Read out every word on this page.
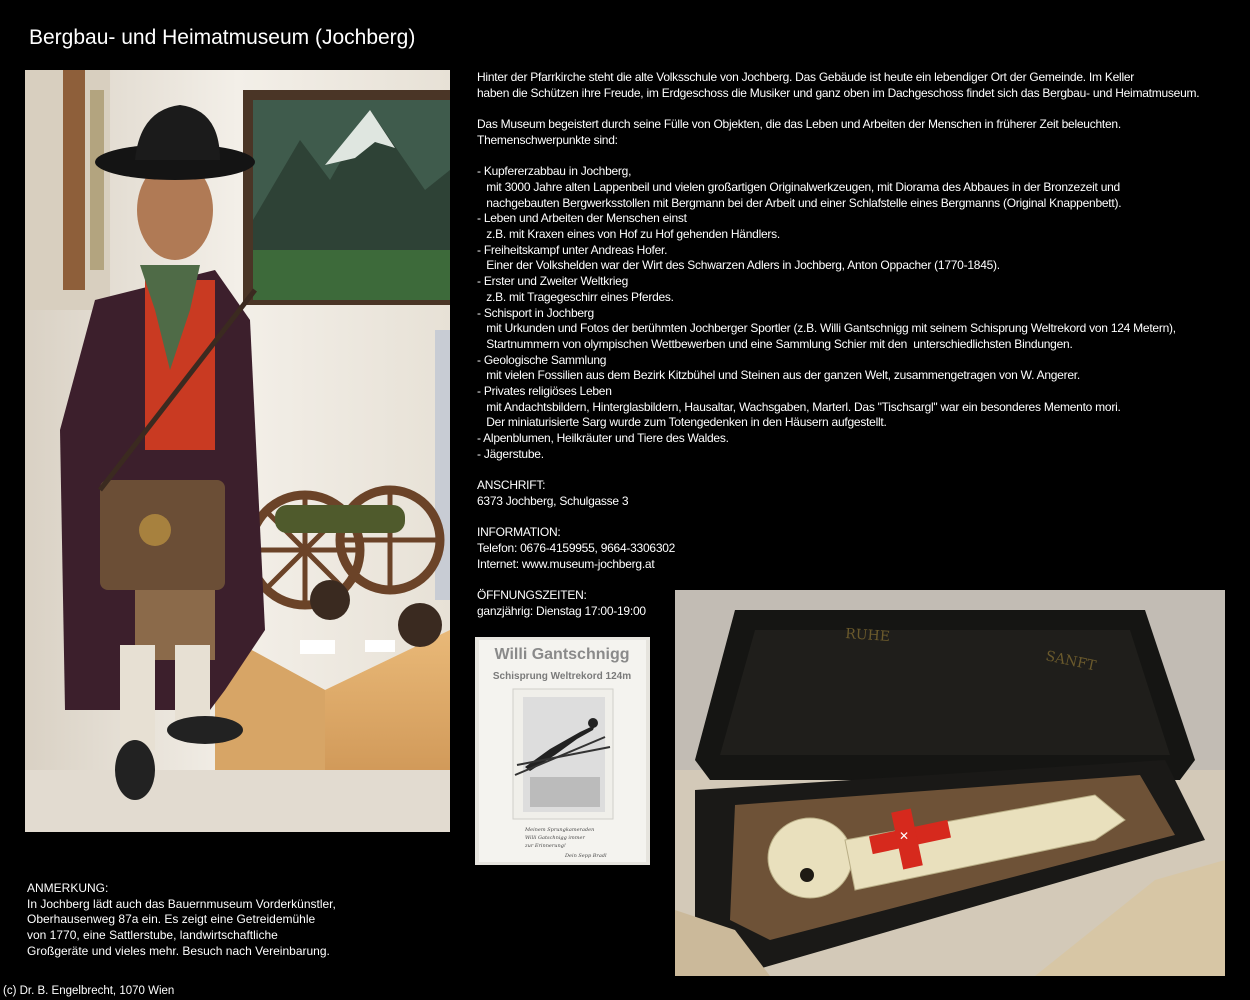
Bergbau- und Heimatmuseum (Jochberg)
Hinter der Pfarrkirche steht die alte Volksschule von Jochberg. Das Gebäude ist heute ein lebendiger Ort der Gemeinde. Im Keller
haben die Schützen ihre Freude, im Erdgeschoss die Musiker und ganz oben im Dachgeschoss findet sich das Bergbau- und Heimatmuseum.

Das Museum begeistert durch seine Fülle von Objekten, die das Leben und Arbeiten der Menschen in früherer Zeit beleuchten.
Themenschwerpunkte sind:

- Kupfererzabbau in Jochberg,
mit 3000 Jahre alten Lappenbeil und vielen großartigen Originalwerkzeugen, mit Diorama des Abbaues in der Bronzezeit und
nachgebauten Bergwerksstollen mit Bergmann bei der Arbeit und einer Schlafstelle eines Bergmanns (Original Knappenbett).
- Leben und Arbeiten der Menschen einst
z.B. mit Kraxen eines von Hof zu Hof gehenden Händlers.
- Freiheitskampf unter Andreas Hofer.
Einer der Volkshelden war der Wirt des Schwarzen Adlers in Jochberg, Anton Oppacher (1770-1845).
- Erster und Zweiter Weltkrieg
z.B. mit Tragegeschirr eines Pferdes.
- Schisport in Jochberg
mit Urkunden und Fotos der berühmten Jochberger Sportler (z.B. Willi Gantschnigg mit seinem Schisprung Weltrekord von 124 Metern),
Startnummern von olympischen Wettbewerben und eine Sammlung Schier mit den  unterschiedlichsten Bindungen.
- Geologische Sammlung
mit vielen Fossilien aus dem Bezirk Kitzbühel und Steinen aus der ganzen Welt, zusammengetragen von W. Angerer.
- Privates religiöses Leben
mit Andachtsbildern, Hinterglasbildern, Hausaltar, Wachsgaben, Marterl. Das "Tischsargl" war ein besonderes Memento mori.
Der miniaturisierte Sarg wurde zum Totengedenken in den Häusern aufgestellt.
- Alpenblumen, Heilkräuter und Tiere des Waldes.
- Jägerstube.

ANSCHRIFT:
6373 Jochberg, Schulgasse 3

INFORMATION:
Telefon: 0676-4159955, 9664-3306302
Internet: www.museum-jochberg.at

ÖFFNUNGSZEITEN:
ganzjährig: Dienstag 17:00-19:00
Willi Gantschnigg
Schisprung Weltrekord 124m
Meinem Sprungkameraden
Willi Gatschnigg immer
zur Erinnerung!
Dein Sepp Bradl
RUHE
SANFT
✕
ANMERKUNG:
In Jochberg lädt auch das Bauernmuseum Vorderkünstler,
Oberhausenweg 87a ein. Es zeigt eine Getreidemühle
von 1770, eine Sattlerstube, landwirtschaftliche
Großgeräte und vieles mehr. Besuch nach Vereinbarung.
(c) Dr. B. Engelbrecht, 1070 Wien
